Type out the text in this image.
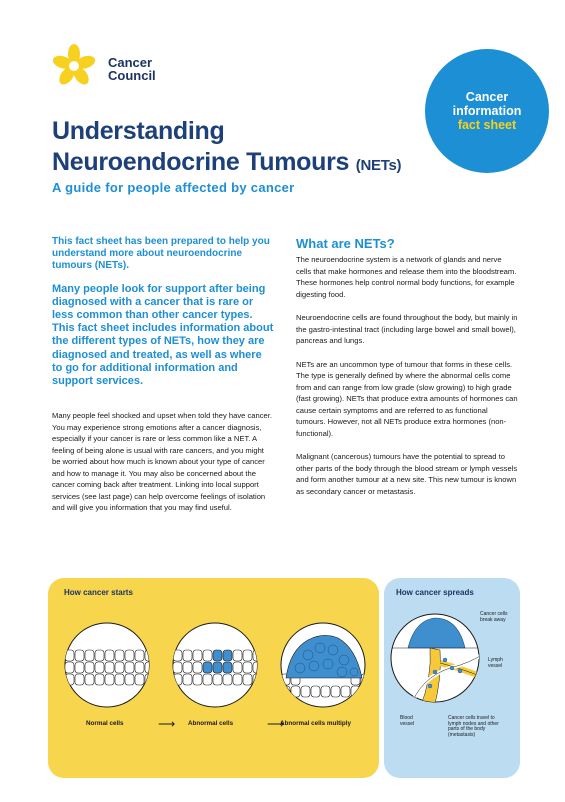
Cancer
Council
Cancer
information
fact sheet
Understanding
Neuroendocrine Tumours (NETs)

A guide for people affected by cancer

This fact sheet has been prepared to help you understand more about neuroendocrine tumours (NETs).

Many people look for support after being diagnosed with a cancer that is rare or less common than other cancer types. This fact sheet includes information about the different types of NETs, how they are diagnosed and treated, as well as where to go for additional information and support services.

Many people feel shocked and upset when told they have cancer. You may experience strong emotions after a cancer diagnosis, especially if your cancer is rare or less common like a NET. A feeling of being alone is usual with rare cancers, and you might be worried about how much is known about your type of cancer and how to manage it. You may also be concerned about the cancer coming back after treatment. Linking into local support services (see last page) can help overcome feelings of isolation and will give you information that you may find useful.

What are NETs?

The neuroendocrine system is a network of glands and nerve cells that make hormones and release them into the bloodstream. These hormones help control normal body functions, for example digesting food.

Neuroendocrine cells are found throughout the body, but mainly in the gastro-intestinal tract (including large bowel and small bowel), pancreas and lungs.

NETs are an uncommon type of tumour that forms in these cells. The type is generally defined by where the abnormal cells come from and can range from low grade (slow growing) to high grade (fast growing). NETs that produce extra amounts of hormones can cause certain symptoms and are referred to as functional tumours. However, not all NETs produce extra hormones (non-functional).

Malignant (cancerous) tumours have the potential to spread to other parts of the body through the blood stream or lymph vessels and form another tumour at a new site. This new tumour is known as secondary cancer or metastasis.

How cancer starts
Normal cells	⟶ Abnormal cells	⟶
Abnormal cells multiply
How cancer spreads
Cancer cells break away
Lymph vessel
Blood vessel
Cancer cells travel to lymph nodes and other parts of the body (metastasis)
